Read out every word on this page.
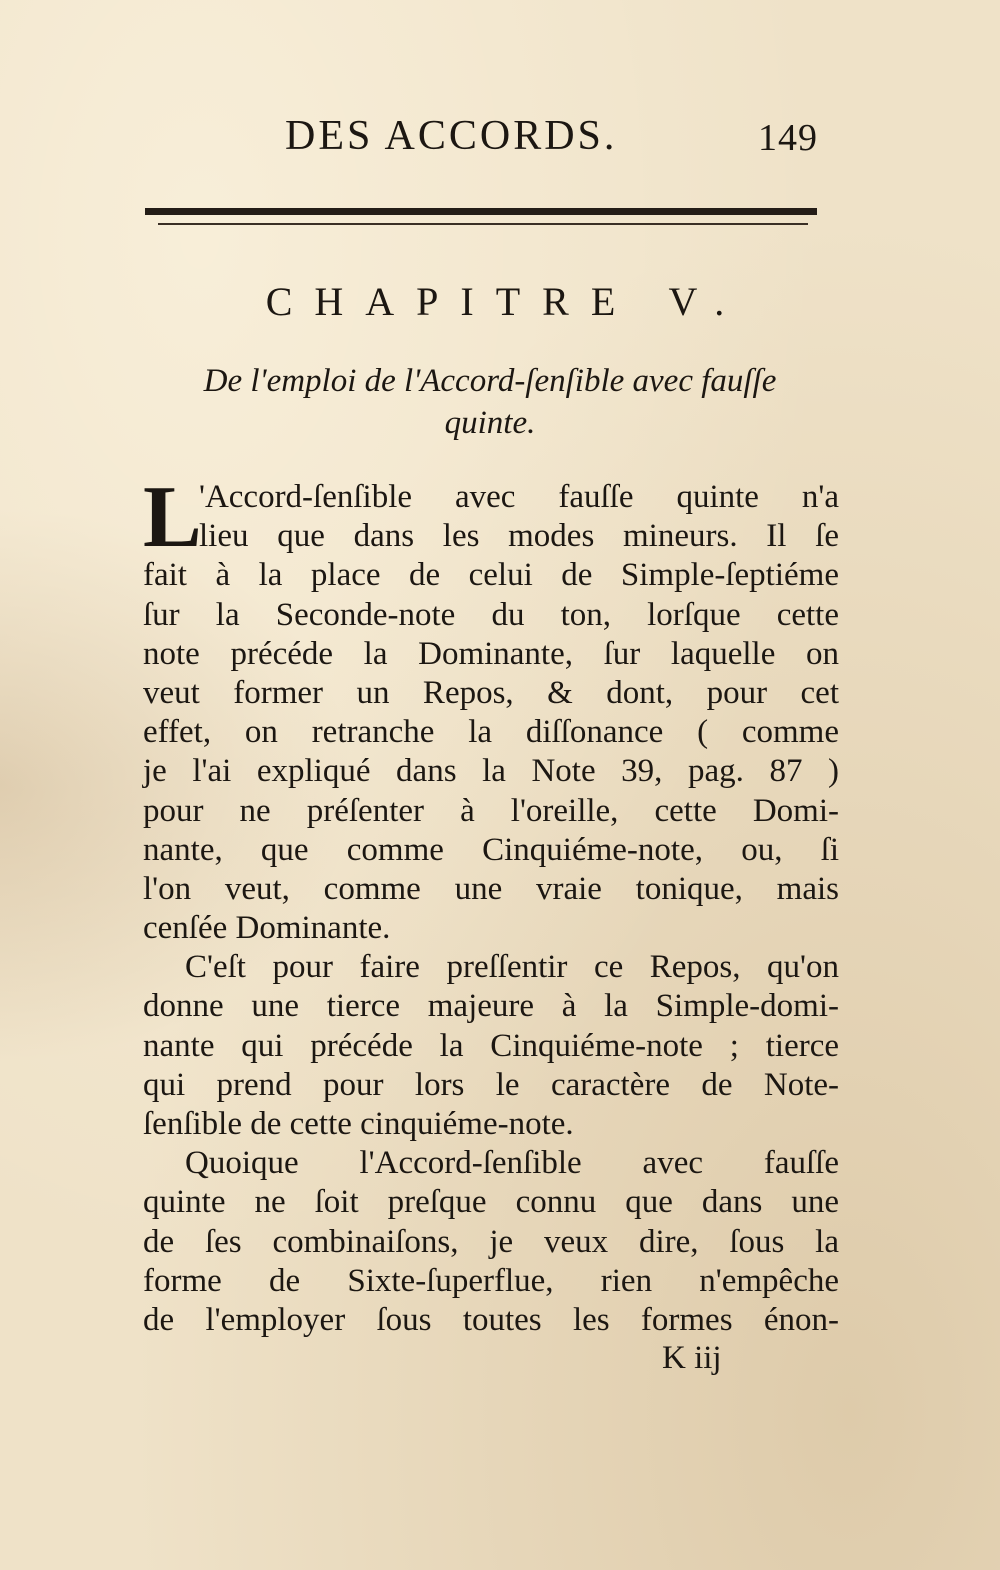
DES ACCORDS.	149
CHAPITRE V.
De l'emploi de l'Accord-ſenſible avec fauſſe
quinte.
L
'Accord-ſenſible avec fauſſe quinte n'a
lieu que dans les modes mineurs. Il ſe
fait à la place de celui de Simple-ſeptiéme
ſur la Seconde-note du ton, lorſque cette
note précéde la Dominante, ſur laquelle on
veut former un Repos, & dont, pour cet
effet, on retranche la diſſonance ( comme
je l'ai expliqué dans la Note 39, pag. 87 )
pour ne préſenter à l'oreille, cette Domi-
nante, que comme Cinquiéme-note, ou, ſi
l'on veut, comme une vraie tonique, mais
cenſée Dominante.
C'eſt pour faire preſſentir ce Repos, qu'on
donne une tierce majeure à la Simple-domi-
nante qui précéde la Cinquiéme-note ; tierce
qui prend pour lors le caractère de Note-
ſenſible de cette cinquiéme-note.
Quoique l'Accord-ſenſible avec fauſſe
quinte ne ſoit preſque connu que dans une
de ſes combinaiſons, je veux dire, ſous la
forme de Sixte-ſuperflue, rien n'empêche
de l'employer ſous toutes les formes énon-
K iij
